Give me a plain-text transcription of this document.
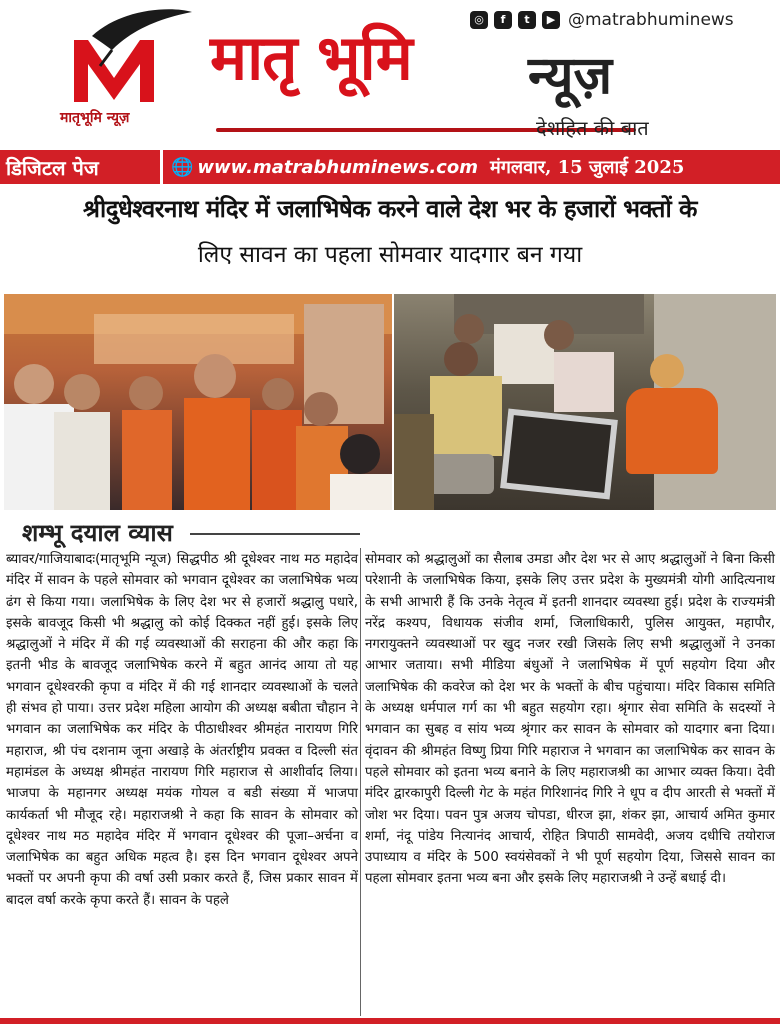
मातृभूमि न्यूज़
मातृ भूमि न्यूज़
देशहित की बात
◎	f	t	▶ @matrabhuminews
डिजिटल पेज	🌐 www.matrabhuminews.com मंगलवार, 15 जुलाई 2025
श्रीदुधेश्वरनाथ मंदिर में जलाभिषेक करने वाले देश भर के हजारों भक्तों के
लिए सावन का पहला सोमवार यादगार बन गया
शम्भू दयाल व्यास
ब्यावर/गाजियाबादः(मातृभूमि न्यूज) सिद्धपीठ श्री दूधेश्वर नाथ मठ महादेव मंदिर में सावन के पहले सोमवार को भगवान दूधेश्वर का जलाभिषेक भव्य ढंग से किया गया। जलाभिषेक के लिए देश भर से हजारों श्रद्धालु पधारे, इसके बावजूद किसी भी श्रद्धालु को कोई दिक्कत नहीं हुई। इसके लिए श्रद्धालुओं ने मंदिर में की गई व्यवस्थाओं की सराहना की और कहा कि इतनी भीड के बावजूद जलाभिषेक करने में बहुत आनंद आया तो यह भगवान दूधेश्वरकी कृपा व मंदिर में की गई शानदार व्यवस्थाओं के चलते ही संभव हो पाया। उत्तर प्रदेश महिला आयोग की अध्यक्ष बबीता चौहान ने भगवान का जलाभिषेक कर मंदिर के पीठाधीश्वर श्रीमहंत नारायण गिरि महाराज, श्री पंच दशनाम जूना अखाड़े के अंतर्राष्ट्रीय प्रवक्त व दिल्ली संत महामंडल के अध्यक्ष श्रीमहंत नारायण गिरि महाराज से आशीर्वाद लिया। भाजपा के महानगर अध्यक्ष मयंक गोयल व बडी संख्या में भाजपा कार्यकर्ता भी मौजूद रहे। महाराजश्री ने कहा कि सावन के सोमवार को दूधेश्वर नाथ मठ महादेव मंदिर में भगवान दूधेश्वर की पूजा–अर्चना व जलाभिषेक का बहुत अधिक महत्व है। इस दिन भगवान दूधेश्वर अपने भक्तों पर अपनी कृपा की वर्षा उसी प्रकार करते हैं, जिस प्रकार सावन में बादल वर्षा करके कृपा करते हैं। सावन के पहले
सोमवार को श्रद्धालुओं का सैलाब उमडा और देश भर से आए श्रद्धालुओं ने बिना किसी परेशानी के जलाभिषेक किया, इसके लिए उत्तर प्रदेश के मुख्यमंत्री योगी आदित्यनाथ के सभी आभारी हैं कि उनके नेतृत्व में इतनी शानदार व्यवस्था हुई। प्रदेश के राज्यमंत्री नरेंद्र कश्यप, विधायक संजीव शर्मा, जिलाधिकारी, पुलिस आयुक्त, महापौर, नगरायुक्तने व्यवस्थाओं पर खुद नजर रखी जिसके लिए सभी श्रद्धालुओं ने उनका आभार जताया। सभी मीडिया बंधुओं ने जलाभिषेक में पूर्ण सहयोग दिया और जलाभिषेक की कवरेज को देश भर के भक्तों के बीच पहुंचाया। मंदिर विकास समिति के अध्यक्ष धर्मपाल गर्ग का भी बहुत सहयोग रहा। श्रृंगार सेवा समिति के सदस्यों ने भगवान का सुबह व सांय भव्य श्रृंगार कर सावन के सोमवार को यादगार बना दिया। वृंदावन की श्रीमहंत विष्णु प्रिया गिरि महाराज ने भगवान का जलाभिषेक कर सावन के पहले सोमवार को इतना भव्य बनाने के लिए महाराजश्री का आभार व्यक्त किया। देवी मंदिर द्वारकापुरी दिल्ली गेट के महंत गिरिशानंद गिरि ने धूप व दीप आरती से भक्तों में जोश भर दिया। पवन पुत्र अजय चोपडा, धीरज झा, शंकर झा, आचार्य अमित कुमार शर्मा, नंदू पांडेय नित्यानंद आचार्य, रोहित त्रिपाठी सामवेदी, अजय दधीचि तयोराज उपाध्याय व मंदिर के 500 स्वयंसेवकों ने भी पूर्ण सहयोग दिया, जिससे सावन का पहला सोमवार इतना भव्य बना और इसके लिए महाराजश्री ने उन्हें बधाई दी।
